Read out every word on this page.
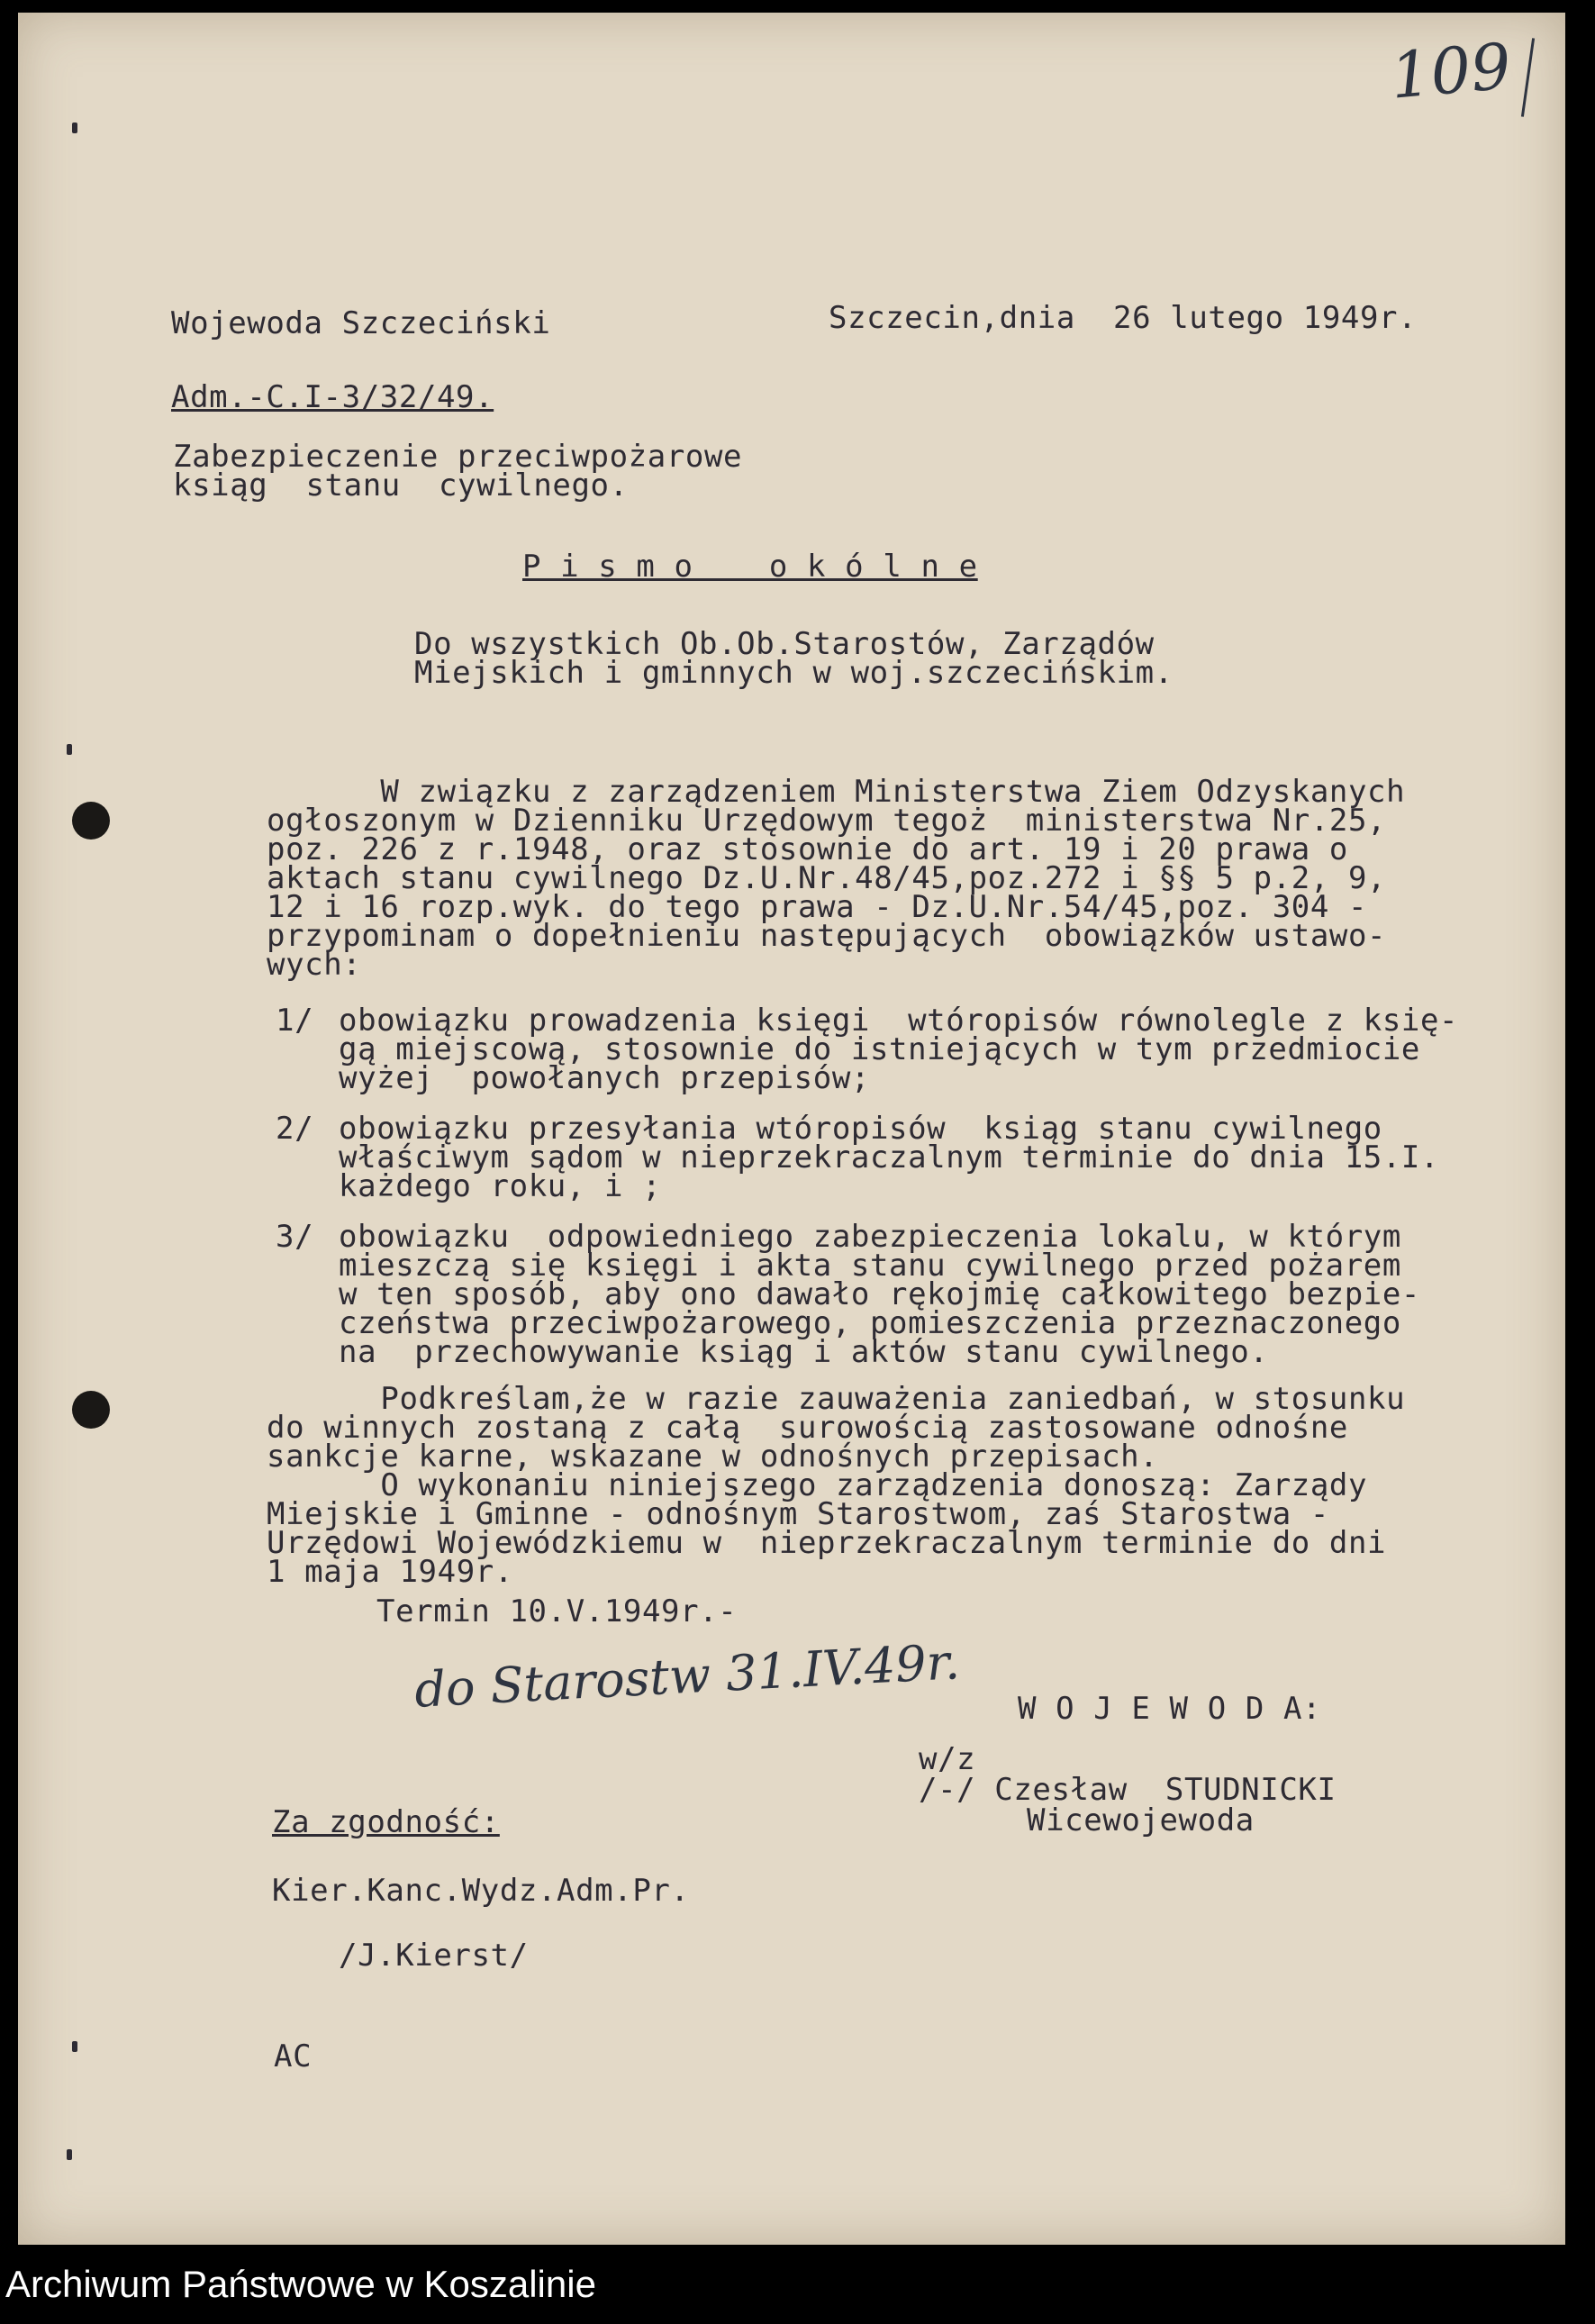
109
Wojewoda Szczeciński	Szczecin,dnia  26 lutego 1949r.
Adm.-C.I-3/32/49.
Zabezpieczenie przeciwpożarowe
ksiąg  stanu  cywilnego.
P i s m o    o k ó l n e
Do wszystkich Ob.Ob.Starostów, Zarządów
Miejskich i gminnych w woj.szczecińskim.
W związku z zarządzeniem Ministerstwa Ziem Odzyskanych
ogłoszonym w Dzienniku Urzędowym tegoż  ministerstwa Nr.25,
poz. 226 z r.1948, oraz stosownie do art. 19 i 20 prawa o
aktach stanu cywilnego Dz.U.Nr.48/45,poz.272 i §§ 5 p.2, 9,
12 i 16 rozp.wyk. do tego prawa - Dz.U.Nr.54/45,poz. 304 -
przypominam o dopełnieniu następujących  obowiązków ustawo-
wych:
1/ obowiązku prowadzenia księgi  wtóropisów równolegle z księ-
gą miejscową, stosownie do istniejących w tym przedmiocie
wyżej  powołanych przepisów;
2/ obowiązku przesyłania wtóropisów  ksiąg stanu cywilnego
właściwym sądom w nieprzekraczalnym terminie do dnia 15.I.
każdego roku, i ;
3/ obowiązku  odpowiedniego zabezpieczenia lokalu, w którym
mieszczą się księgi i akta stanu cywilnego przed pożarem
w ten sposób, aby ono dawało rękojmię całkowitego bezpie-
czeństwa przeciwpożarowego, pomieszczenia przeznaczonego
na  przechowywanie ksiąg i aktów stanu cywilnego.
Podkreślam,że w razie zauważenia zaniedbań, w stosunku
do winnych zostaną z całą  surowością zastosowane odnośne
sankcje karne, wskazane w odnośnych przepisach.
O wykonaniu niniejszego zarządzenia donoszą: Zarządy
Miejskie i Gminne - odnośnym Starostwom, zaś Starostwa -
Urzędowi Wojewódzkiemu w  nieprzekraczalnym terminie do dni
1 maja 1949r.
Termin 10.V.1949r.-
do Starostw 31.IV.49r. W O J E W O D A:
w/z
/-/ Czesław  STUDNICKI
Wicewojewoda
Za zgodność:
Kier.Kanc.Wydz.Adm.Pr.
/J.Kierst/
AC
Archiwum Państwowe w Koszalinie
